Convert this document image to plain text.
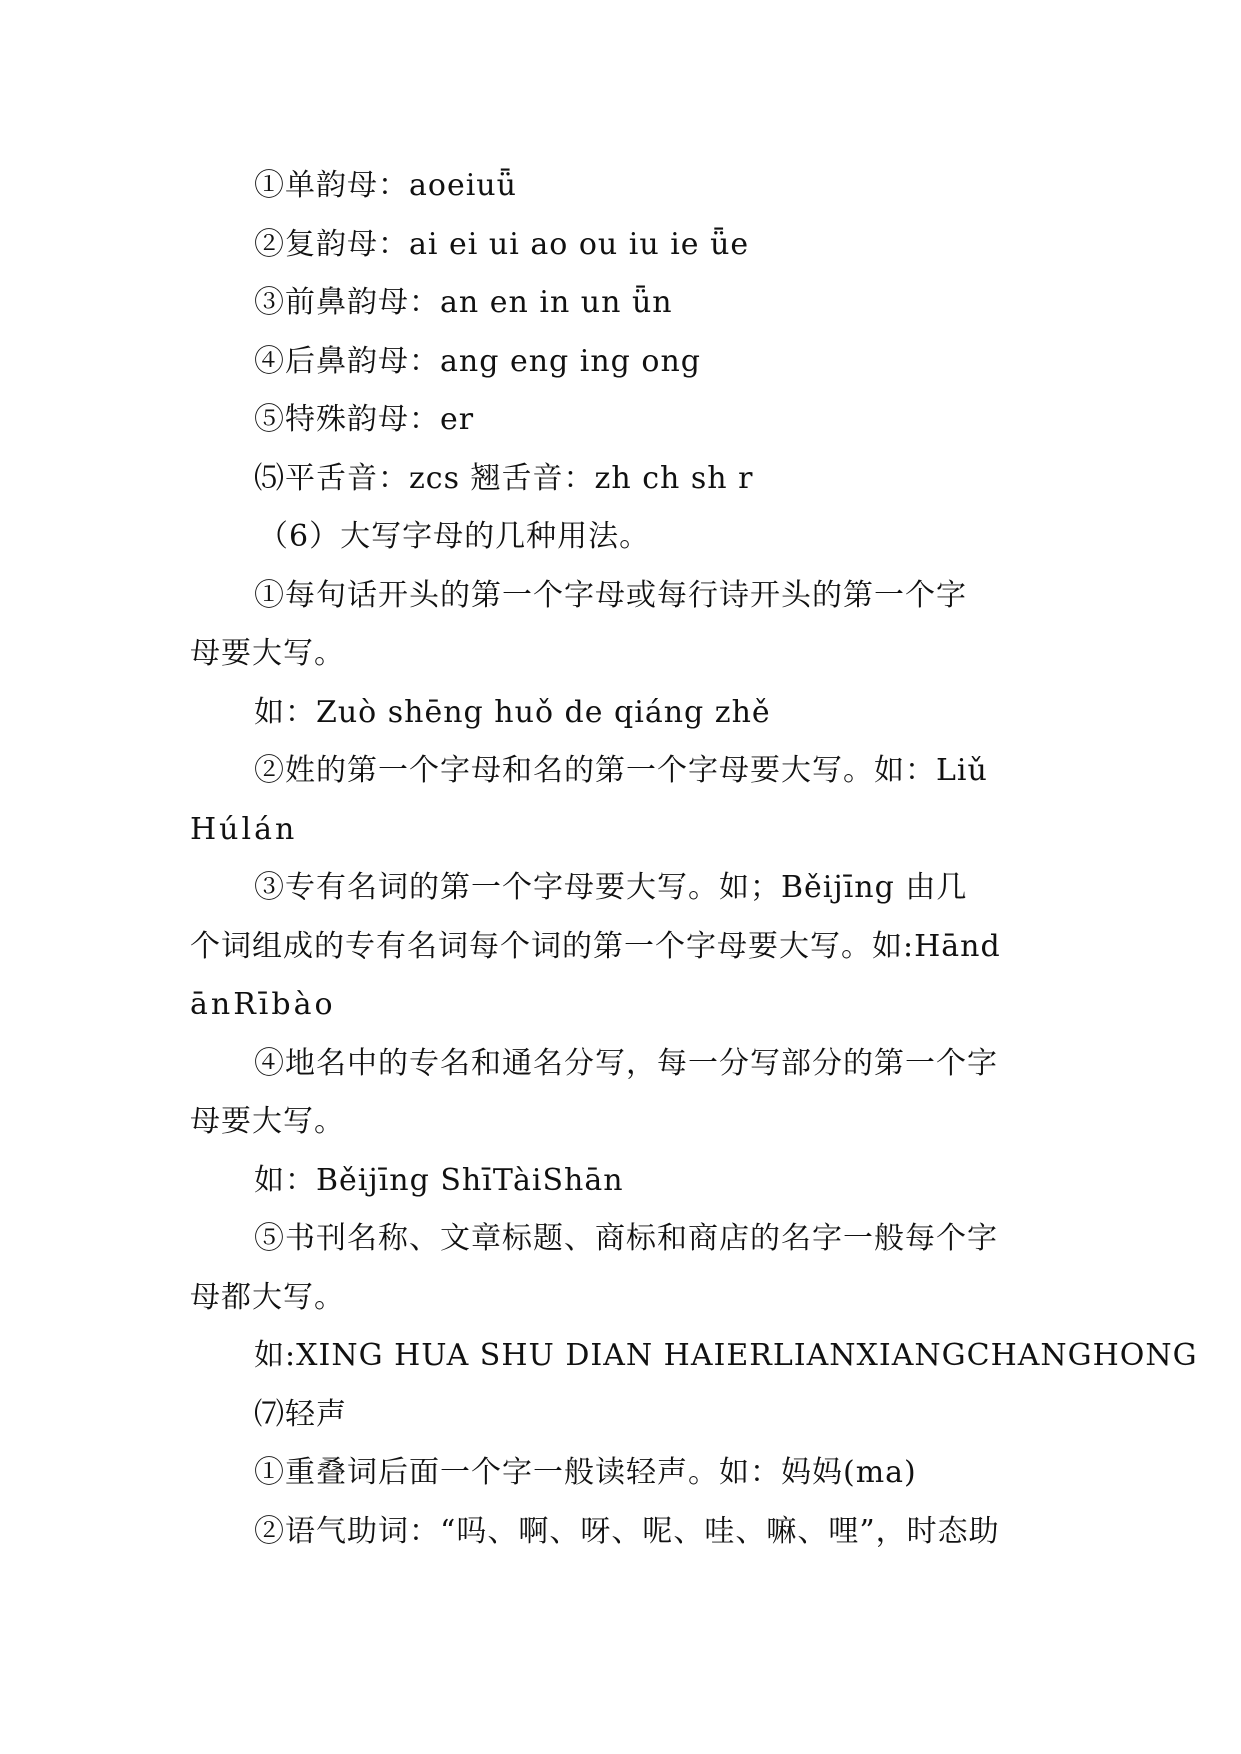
①单韵母：aoeiuǖ
②复韵母：ai ei ui ao ou iu ie ǖe
③前鼻韵母：an en in un ǖn
④后鼻韵母：ang eng ing ong
⑤特殊韵母：er
⑸平舌音：zcs 翘舌音：zh ch sh r
（6）大写字母的几种用法。
①每句话开头的第一个字母或每行诗开头的第一个字
母要大写。
如：Zuò shēng huǒ de qiáng zhě
②姓的第一个字母和名的第一个字母要大写。如：Liǔ
Húlán
③专有名词的第一个字母要大写。如；Běijīng 由几
个词组成的专有名词每个词的第一个字母要大写。如:Hānd
ānRībào
④地名中的专名和通名分写，每一分写部分的第一个字
母要大写。
如：Běijīng ShīTàiShān
⑤书刊名称、文章标题、商标和商店的名字一般每个字
母都大写。
如:XING HUA SHU DIAN HAIERLIANXIANGCHANGHONG
⑺轻声
①重叠词后面一个字一般读轻声。如：妈妈(ma)
②语气助词：“吗、啊、呀、呢、哇、嘛、哩”，时态助
